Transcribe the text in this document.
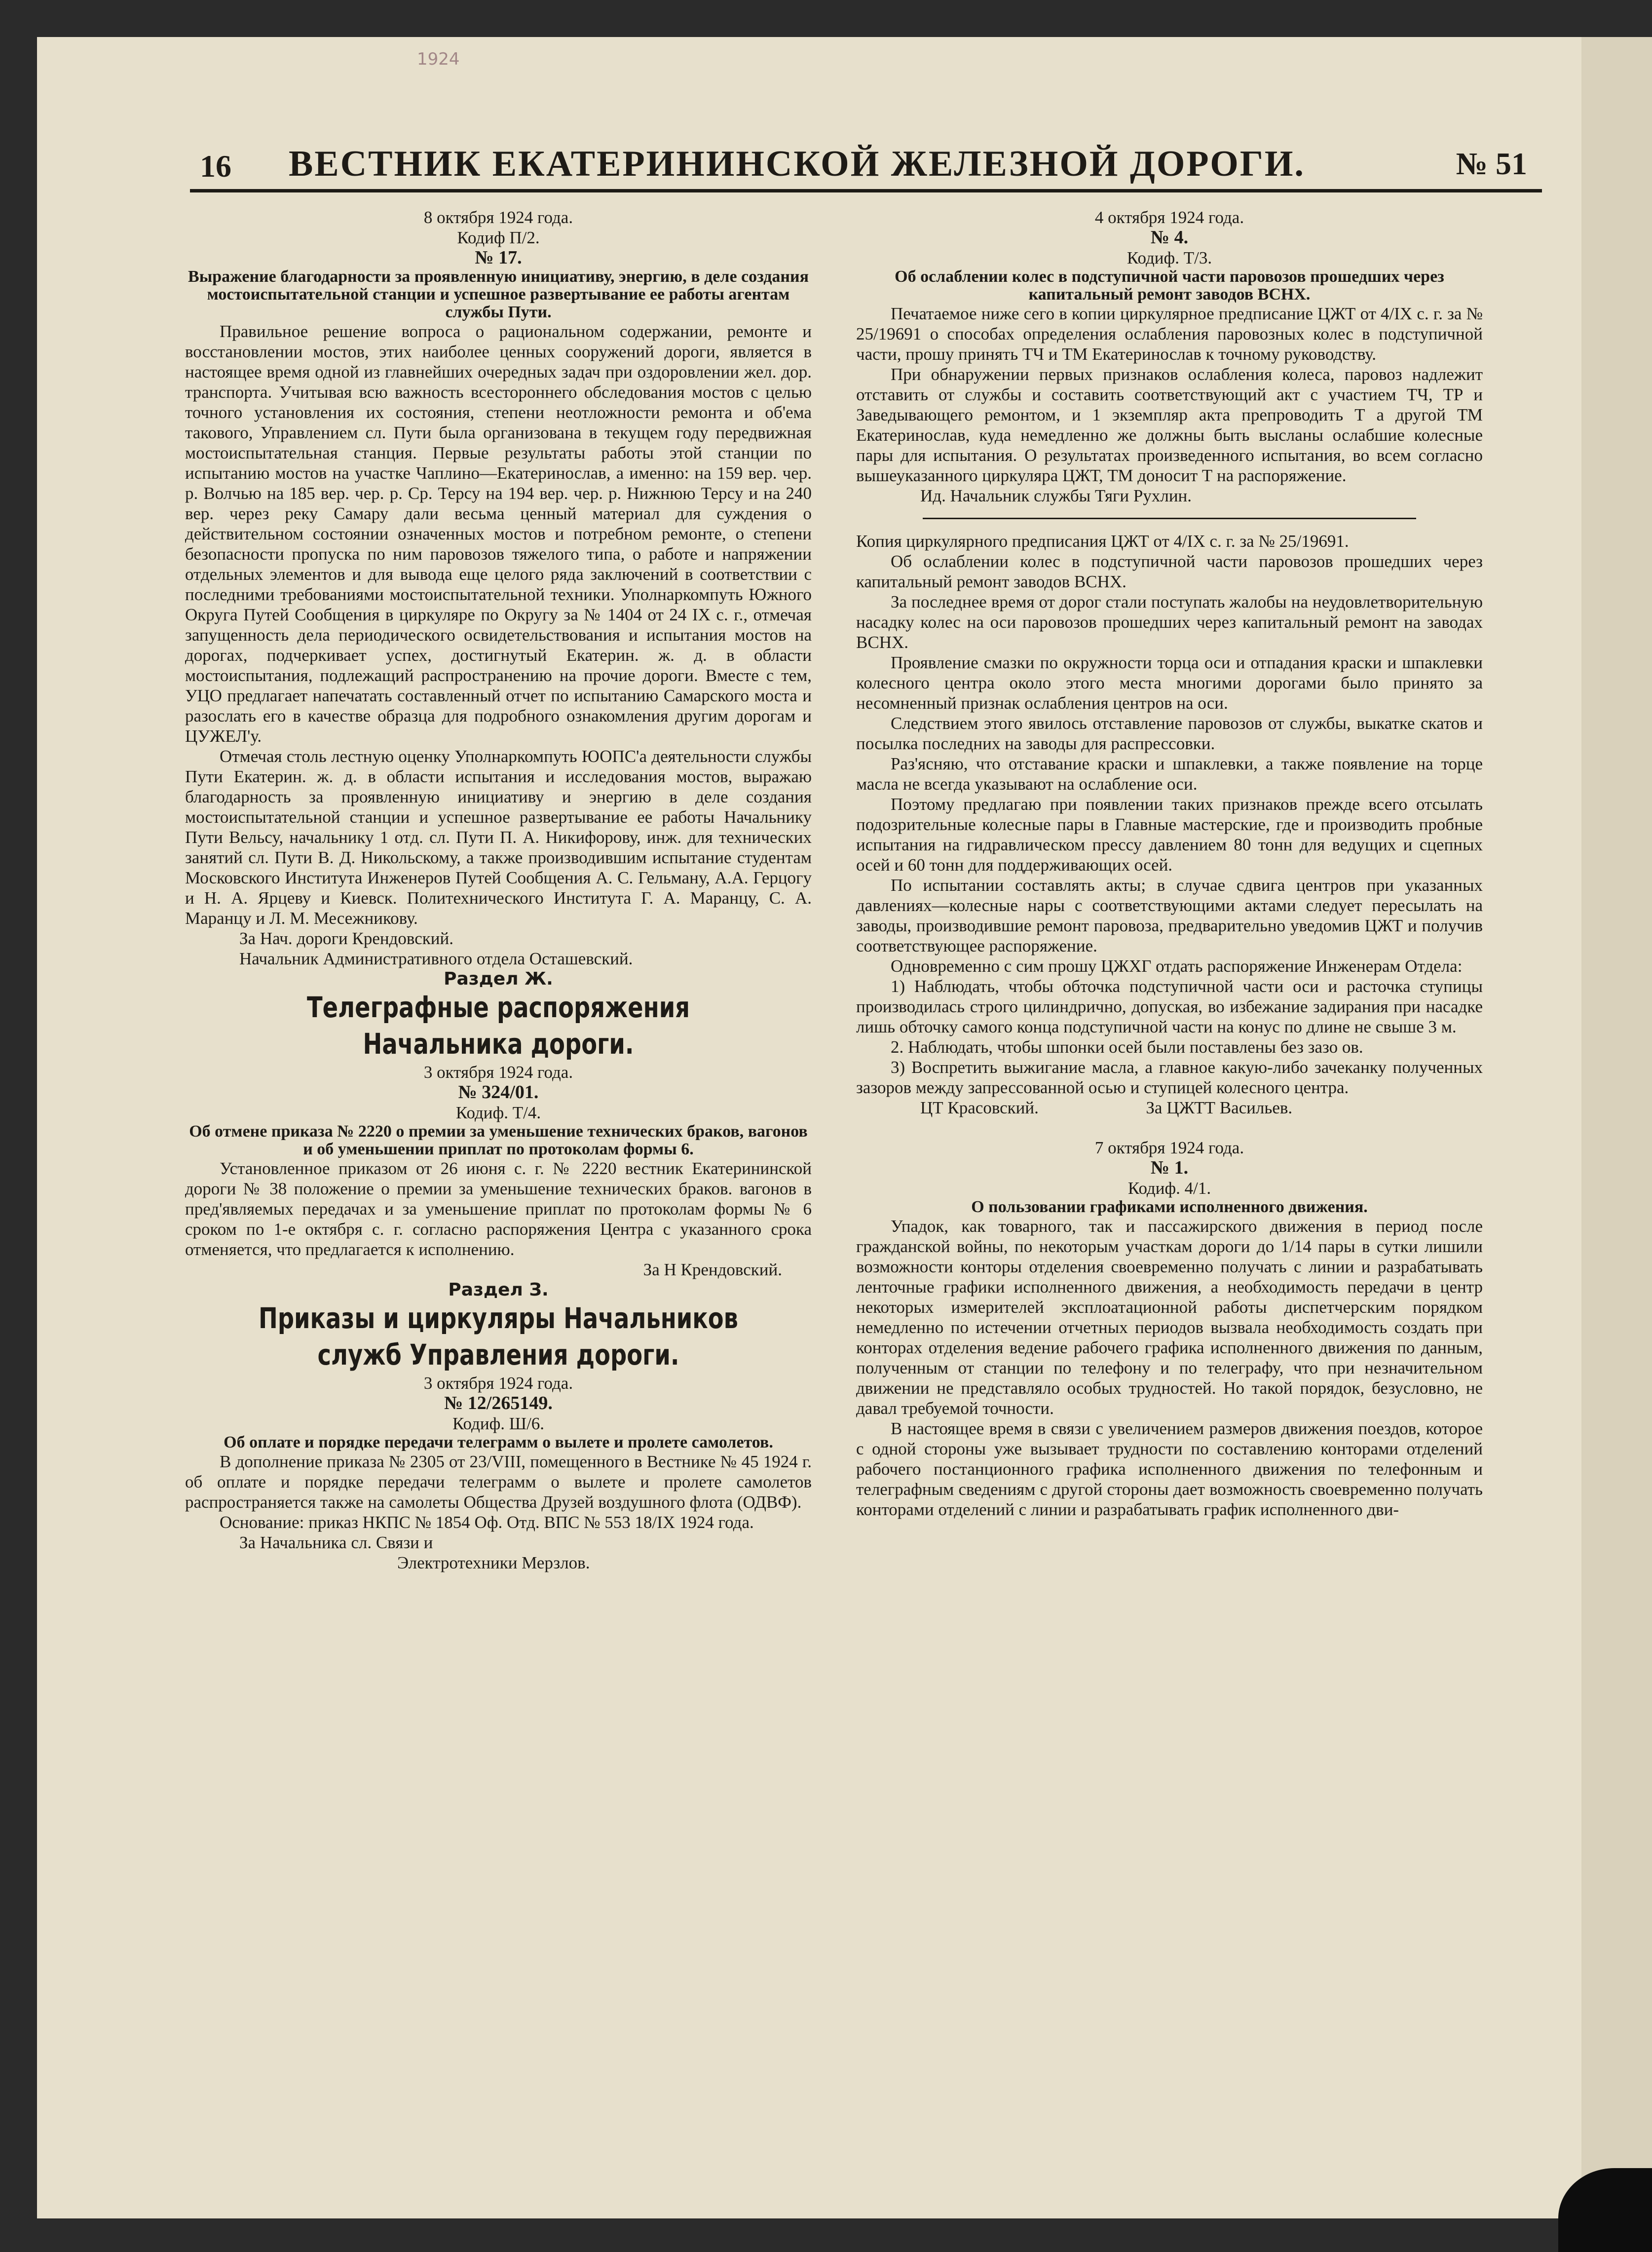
1924
16 ВЕСТНИК ЕКАТЕРИНИНСКОЙ ЖЕЛЕЗНОЙ ДОРОГИ.	№ 51

8 октября 1924 года.

Кодиф П/2.

№ 17.

Выражение благодарности за проявленную инициативу, энергию, в деле создания мостоиспытательной станции и успешное развертывание ее работы агентам службы Пути.

Правильное решение вопроса о рациональном содержании, ремонте и восстановлении мостов, этих наиболее ценных сооружений дороги, является в настоящее время одной из главнейших очередных задач при оздоровлении жел. дор. транспорта. Учитывая всю важность всестороннего обследования мостов с целью точного установления их состояния, степени неотложности ремонта и об'ема такового, Управлением сл. Пути была организована в текущем году передвижная мостоиспытательная станция. Первые результаты работы этой станции по испытанию мостов на участке Чаплино—Екатеринослав, а именно: на 159 вер. чер. р. Волчью на 185 вер. чер. р. Ср. Терсу на 194 вер. чер. р. Нижнюю Терсу и на 240 вер. через реку Самару дали весьма ценный материал для суждения о действительном состоянии означенных мостов и потребном ремонте, о степени безопасности пропуска по ним паровозов тяжелого типа, о работе и напряжении отдельных элементов и для вывода еще целого ряда заключений в соответствии с последними требованиями мостоиспытательной техники. Уполнаркомпуть Южного Округа Путей Сообщения в циркуляре по Округу за № 1404 от 24 IX с. г., отмечая запущенность дела периодического освидетельствования и испытания мостов на дорогах, подчеркивает успех, достигнутый Екатерин. ж. д. в области мостоиспытания, подлежащий распространению на прочие дороги. Вместе с тем, УЦО предлагает напечатать составленный отчет по испытанию Самарского моста и разослать его в качестве образца для подробного ознакомления другим дорогам и ЦУЖЕЛ'у.

Отмечая столь лестную оценку Уполнаркомпуть ЮОПС'а деятельности службы Пути Екатерин. ж. д. в области испытания и исследования мостов, выражаю благодарность за проявленную инициативу и энергию в деле создания мостоиспытательной станции и успешное развертывание ее работы Начальнику Пути Вельсу, начальнику 1 отд. сл. Пути П. А. Никифорову, инж. для технических занятий сл. Пути В. Д. Никольскому, а также производившим испытание студентам Московского Института Инженеров Путей Сообщения А. С. Гельману, А.А. Герцогу и Н. А. Ярцеву и Киевск. Политехнического Института Г. А. Маранцу, С. А. Маранцу и Л. М. Месежникову.

За Нач. дороги Крендовский.

Начальник Административного отдела Осташевский.

Раздел Ж.

Телеграфные распоряжения Начальника дороги.

3 октября 1924 года.

№ 324/01.

Кодиф. Т/4.

Об отмене приказа № 2220 о премии за уменьшение технических браков, вагонов и об уменьшении приплат по протоколам формы 6.

Установленное приказом от 26 июня с. г. № 2220 вестник Екатерининской дороги № 38 положение о премии за уменьшение технических браков. вагонов в пред'являемых передачах и за уменьшение приплат по протоколам формы № 6 сроком по 1-е октября с. г. согласно распоряжения Центра с указанного срока отменяется, что предлагается к исполнению.

За Н Крендовский.

Раздел З.

Приказы и циркуляры Начальников служб Управления дороги.

3 октября 1924 года.

№ 12/265149.

Кодиф. Ш/6.

Об оплате и порядке передачи телеграмм о вылете и пролете самолетов.

В дополнение приказа № 2305 от 23/VIII, помещенного в Вестнике № 45 1924 г. об оплате и порядке передачи телеграмм о вылете и пролете самолетов распространяется также на самолеты Общества Друзей воздушного флота (ОДВФ).

Основание: приказ НКПС № 1854 Оф. Отд. ВПС № 553 18/IX 1924 года.

За Начальника сл. Связи и

Электротехники Мерзлов.

4 октября 1924 года.

№ 4.

Кодиф. Т/3.

Об ослаблении колес в подступичной части паровозов прошедших через капитальный ремонт заводов ВСНХ.

Печатаемое ниже сего в копии циркулярное предписание ЦЖТ от 4/IX с. г. за № 25/19691 о способах определения ослабления паровозных колес в подступичной части, прошу принять ТЧ и ТМ Екатеринослав к точному руководству.

При обнаружении первых признаков ослабления колеса, паровоз надлежит отставить от службы и составить соответствующий акт с участием ТЧ, ТР и Заведывающего ремонтом, и 1 экземпляр акта препроводить Т а другой ТМ Екатеринослав, куда немедленно же должны быть высланы ослабшие колесные пары для испытания. О результатах произведенного испытания, во всем согласно вышеуказанного циркуляра ЦЖТ, ТМ доносит Т на распоряжение.

Ид. Начальник службы Тяги Рухлин.

Копия циркулярного предписания ЦЖТ от 4/IX с. г. за № 25/19691.

Об ослаблении колес в подступичной части паровозов прошедших через капитальный ремонт заводов ВСНХ.

За последнее время от дорог стали поступать жалобы на неудовлетворительную насадку колес на оси паровозов прошедших через капитальный ремонт на заводах ВСНХ.

Проявление смазки по окружности торца оси и отпадания краски и шпаклевки колесного центра около этого места многими дорогами было принято за несомненный признак ослабления центров на оси.

Следствием этого явилось отставление паровозов от службы, выкатке скатов и посылка последних на заводы для распрессовки.

Раз'ясняю, что отставание краски и шпаклевки, а также появление на торце масла не всегда указывают на ослабление оси.

Поэтому предлагаю при появлении таких признаков прежде всего отсылать подозрительные колесные пары в Главные мастерские, где и производить пробные испытания на гидравлическом прессу давлением 80 тонн для ведущих и сцепных осей и 60 тонн для поддерживающих осей.

По испытании составлять акты; в случае сдвига центров при указанных давлениях—колесные нары с соответствующими актами следует пересылать на заводы, производившие ремонт паровоза, предварительно уведомив ЦЖТ и получив соответствующее распоряжение.

Одновременно с сим прошу ЦЖХГ отдать распоряжение Инженерам Отдела:

1) Наблюдать, чтобы обточка подступичной части оси и расточка ступицы производилась строго цилиндрично, допуская, во избежание задирания при насадке лишь обточку самого конца подступичной части на конус по длине не свыше 3 м.

2. Наблюдать, чтобы шпонки осей были поставлены без зазо ов.

3) Воспретить выжигание масла, а главное какую-либо зачеканку полученных зазоров между запрессованной осью и ступицей колесного центра.

ЦТ Красовский.	За ЦЖТТ Васильев.

7 октября 1924 года.

№ 1.

Кодиф. 4/1.

О пользовании графиками исполненного движения.

Упадок, как товарного, так и пассажирского движения в период после гражданской войны, по некоторым участкам дороги до 1/14 пары в сутки лишили возможности конторы отделения своевременно получать с линии и разрабатывать ленточные графики исполненного движения, а необходимость передачи в центр некоторых измерителей эксплоатационной работы диспетчерским порядком немедленно по истечении отчетных периодов вызвала необходимость создать при конторах отделения ведение рабочего графика исполненного движения по данным, полученным от станции по телефону и по телеграфу, что при незначительном движении не представляло особых трудностей. Но такой порядок, безусловно, не давал требуемой точности.

В настоящее время в связи с увеличением размеров движения поездов, которое с одной стороны уже вызывает трудности по составлению конторами отделений рабочего постанционного графика исполненного движения по телефонным и телеграфным сведениям с другой стороны дает возможность своевременно получать конторами отделений с линии и разрабатывать график исполненного дви-
